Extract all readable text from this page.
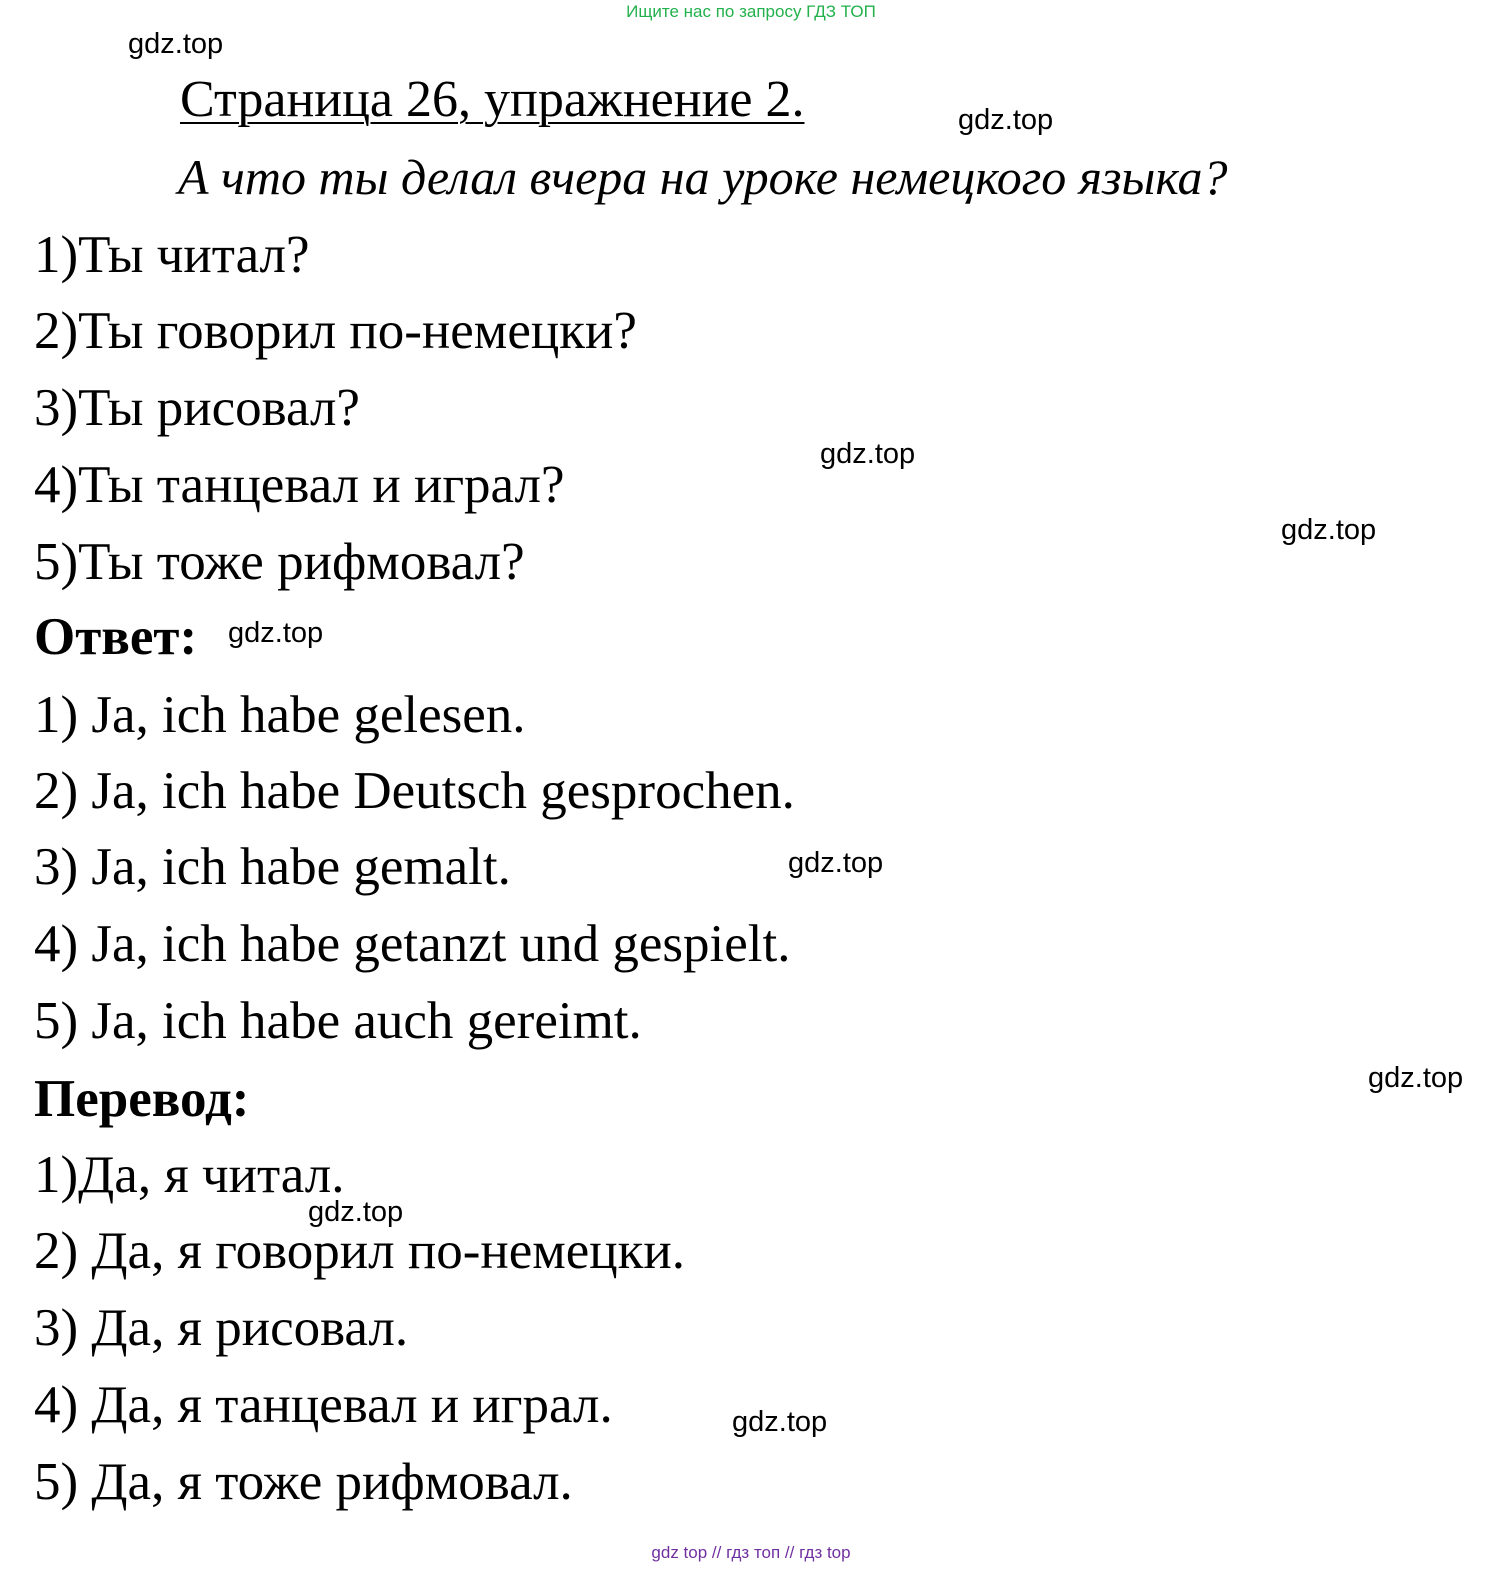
Ищите нас по запросу ГДЗ ТОП
gdz.top
Страница 26, упражнение 2.	gdz.top
А что ты делал вчера на уроке немецкого языка?
1)Ты читал?
2)Ты говорил по-немецки?
3)Ты рисовал?
4)Ты танцевал и играл?
5)Ты тоже рифмовал?
gdz.top
gdz.top
Ответ: gdz.top
1) Ja, ich habe gelesen.
2) Ja, ich habe Deutsch gesprochen.
3) Ja, ich habe gemalt.
4) Ja, ich habe getanzt und gespielt.
5) Ja, ich habe auch gereimt.
gdz.top
gdz.top
Перевод:
1)Да, я читал.
gdz.top
2) Да, я говорил по-немецки.
3) Да, я рисовал.
4) Да, я танцевал и играл.	gdz.top
5) Да, я тоже рифмовал.
gdz top // гдз топ // гдз top
